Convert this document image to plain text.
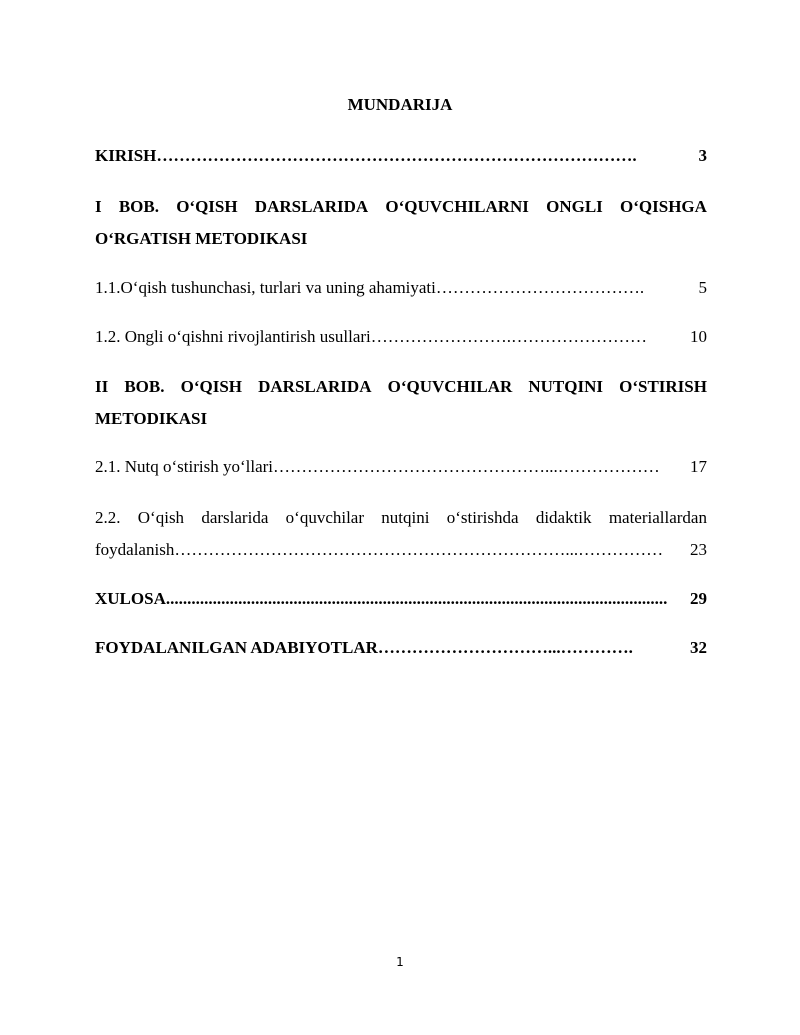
MUNDARIJA
KIRISH ………………………………………………………………………….	3
I BOB. O‘QISH DARSLARIDA O‘QUVCHILARNI ONGLI O‘QISHGA
O‘RGATISH METODIKASI
1.1.O‘qish tushunchasi, turlari va uning ahamiyati ……………………………….	5
1.2. Ongli o‘qishni rivojlantirish usullari …………………….……………………	10
II BOB. O‘QISH DARSLARIDA O‘QUVCHILAR NUTQINI O‘STIRISH
METODIKASI
2.1. Nutq o‘stirish yo‘llari …………………………………………...………………	17
2.2. O‘qish darslarida o‘quvchilar nutqini o‘stirishda didaktik materiallardan
foydalanish ……………………………………………………………...……………	23
XULOSA ......................................................................................................................	29
FOYDALANILGAN ADABIYOTLAR …………………………...………….	32
1
